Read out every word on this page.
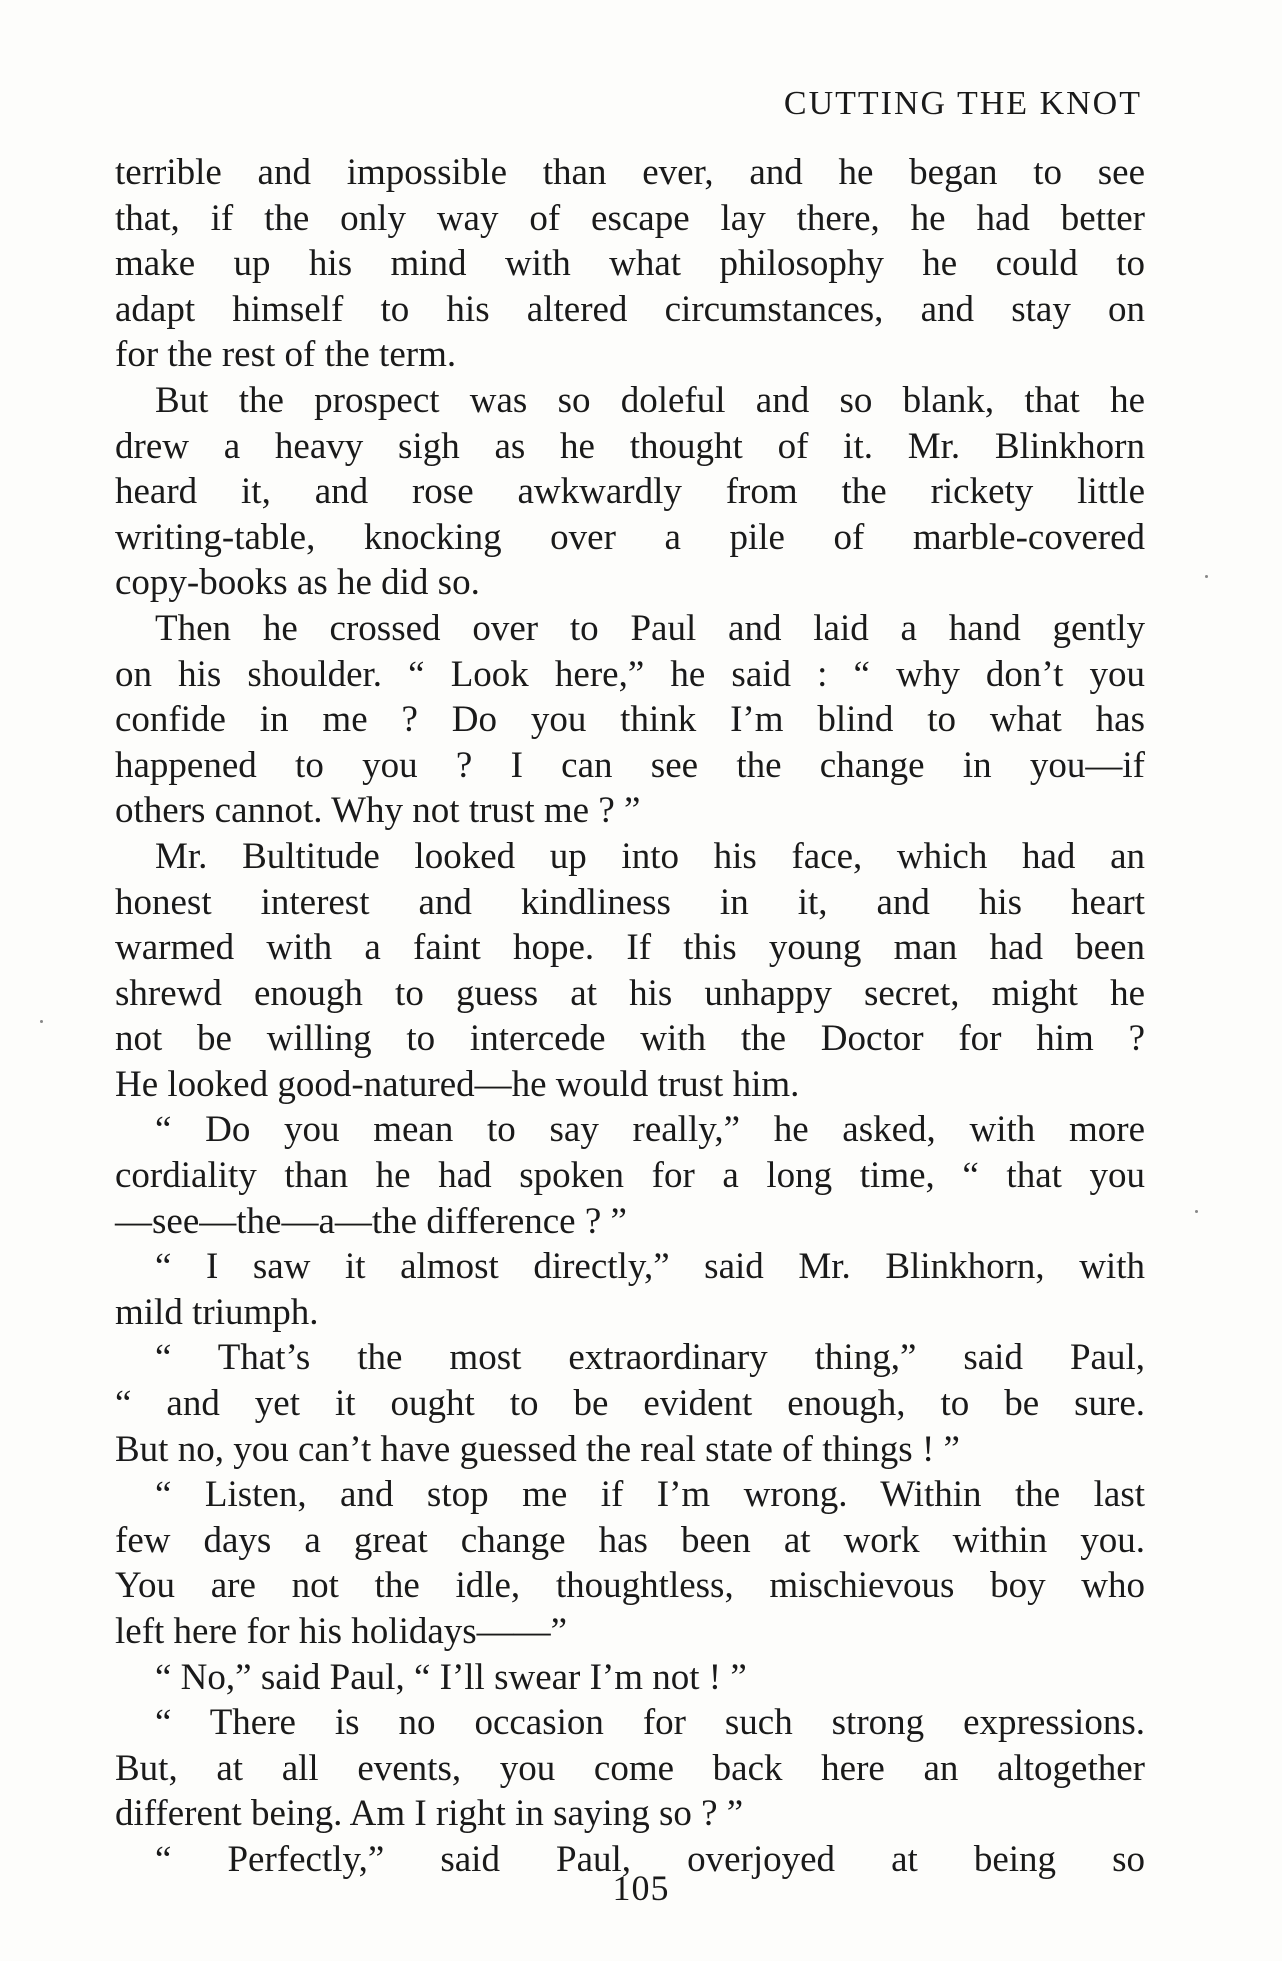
CUTTING THE KNOT
terrible and impossible than ever, and he began to see
that, if the only way of escape lay there, he had better
make up his mind with what philosophy he could to
adapt himself to his altered circumstances, and stay on
for the rest of the term.
But the prospect was so doleful and so blank, that he
drew a heavy sigh as he thought of it. Mr. Blinkhorn
heard it, and rose awkwardly from the rickety little
writing-table, knocking over a pile of marble-covered
copy-books as he did so.
Then he crossed over to Paul and laid a hand gently
on his shoulder. “ Look here,” he said : “ why don’t you
confide in me ? Do you think I’m blind to what has
happened to you ? I can see the change in you—if
others cannot. Why not trust me ? ”
Mr. Bultitude looked up into his face, which had an
honest interest and kindliness in it, and his heart
warmed with a faint hope. If this young man had been
shrewd enough to guess at his unhappy secret, might he
not be willing to intercede with the Doctor for him ?
He looked good-natured—he would trust him.
“ Do you mean to say really,” he asked, with more
cordiality than he had spoken for a long time, “ that you
—see—the—a—the difference ? ”
“ I saw it almost directly,” said Mr. Blinkhorn, with
mild triumph.
“ That’s the most extraordinary thing,” said Paul,
“ and yet it ought to be evident enough, to be sure.
But no, you can’t have guessed the real state of things ! ”
“ Listen, and stop me if I’m wrong. Within the last
few days a great change has been at work within you.
You are not the idle, thoughtless, mischievous boy who
left here for his holidays——”
“ No,” said Paul, “ I’ll swear I’m not ! ”
“ There is no occasion for such strong expressions.
But, at all events, you come back here an altogether
different being. Am I right in saying so ? ”
“ Perfectly,” said Paul, overjoyed at being so
105
